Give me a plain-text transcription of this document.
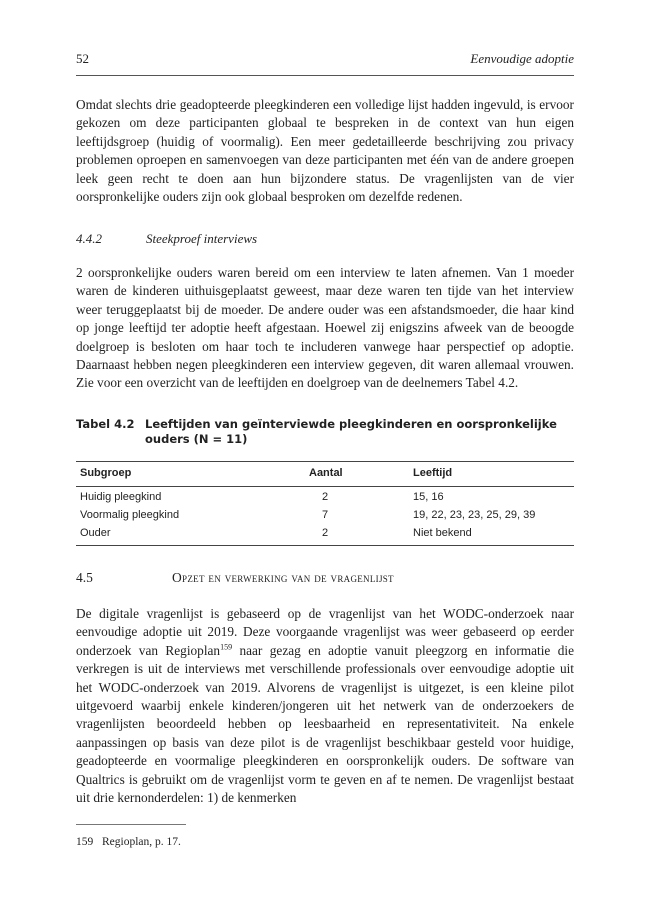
52	Eenvoudige adoptie

Omdat slechts drie geadopteerde pleegkinderen een volledige lijst hadden ingevuld, is ervoor gekozen om deze participanten globaal te bespreken in de context van hun eigen leeftijdsgroep (huidig of voormalig). Een meer gedetailleerde beschrijving zou privacy problemen oproepen en samenvoegen van deze participanten met één van de andere groepen leek geen recht te doen aan hun bijzondere status. De vragenlijsten van de vier oorspronkelijke ouders zijn ook globaal besproken om dezelfde redenen.

4.4.2	Steekproef interviews

2 oorspronkelijke ouders waren bereid om een interview te laten afnemen. Van 1 moeder waren de kinderen uithuisgeplaatst geweest, maar deze waren ten tijde van het interview weer teruggeplaatst bij de moeder. De andere ouder was een afstandsmoeder, die haar kind op jonge leeftijd ter adoptie heeft afgestaan. Hoewel zij enigszins afweek van de beoogde doelgroep is besloten om haar toch te includeren vanwege haar perspectief op adoptie. Daarnaast hebben negen pleegkinderen een interview gegeven, dit waren allemaal vrouwen. Zie voor een overzicht van de leeftijden en doelgroep van de deelnemers Tabel 4.2.

Tabel 4.2 Leeftijden van geïnterviewde pleegkinderen en oorspronkelijke ouders (N = 11)
Subgroep	Aantal	Leeftijd
Huidig pleegkind	2	15, 16
Voormalig pleegkind	7	19, 22, 23, 23, 25, 29, 39
Ouder	2	Niet bekend
4.5	Opzet en verwerking van de vragenlijst

De digitale vragenlijst is gebaseerd op de vragenlijst van het WODC-onderzoek naar eenvoudige adoptie uit 2019. Deze voorgaande vragenlijst was weer gebaseerd op eerder onderzoek van Regioplan$^{159}$ naar gezag en adoptie vanuit pleegzorg en informatie die verkregen is uit de interviews met verschillende professionals over eenvoudige adoptie uit het WODC-onderzoek van 2019. Alvorens de vragenlijst is uitgezet, is een kleine pilot uitgevoerd waarbij enkele kinderen/jongeren uit het netwerk van de onderzoekers de vragenlijsten beoordeeld hebben op leesbaarheid en representativiteit. Na enkele aanpassingen op basis van deze pilot is de vragenlijst beschikbaar gesteld voor huidige, geadopteerde en voormalige pleegkinderen en oorspronkelijk ouders. De software van Qualtrics is gebruikt om de vragenlijst vorm te geven en af te nemen. De vragenlijst bestaat uit drie kernonderdelen: 1) de kenmerken

159 Regioplan, p. 17.
